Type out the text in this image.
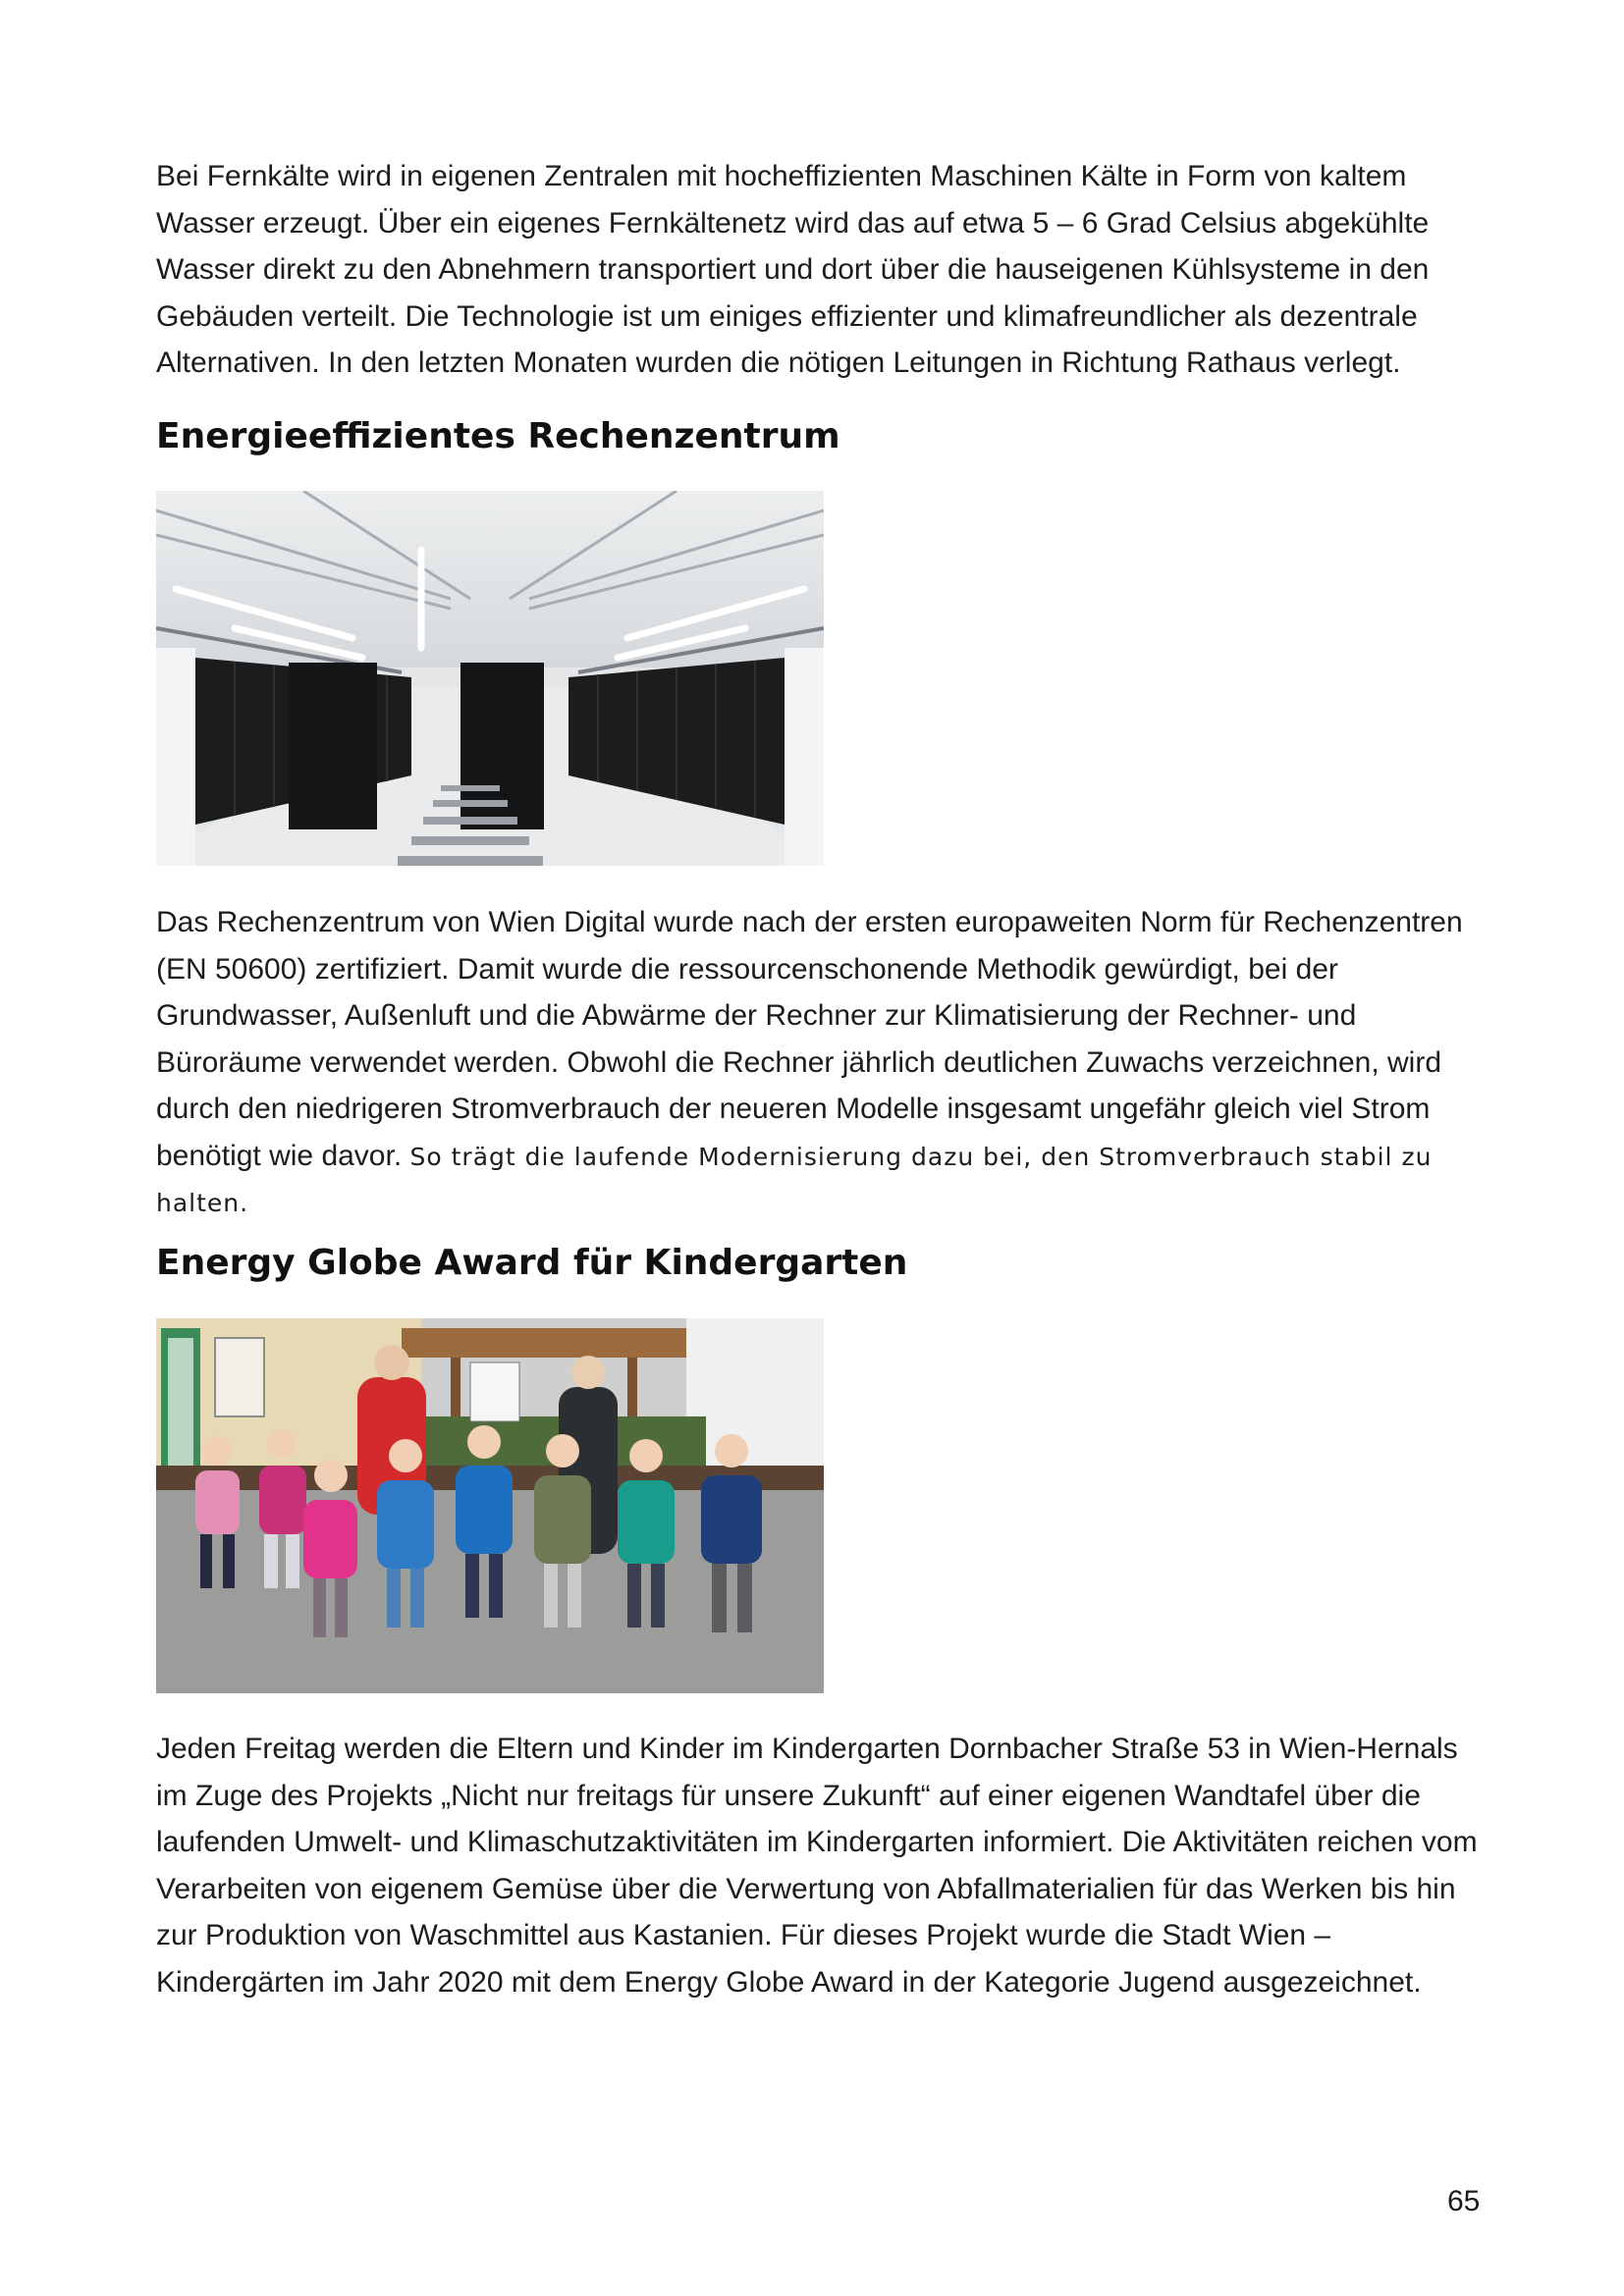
Bei Fernkälte wird in eigenen Zentralen mit hocheffizienten Maschinen Kälte in Form von kaltem Wasser erzeugt. Über ein eigenes Fernkältenetz wird das auf etwa 5 – 6 Grad Celsius abgekühlte Wasser direkt zu den Abnehmern transportiert und dort über die hauseigenen Kühlsysteme in den Gebäuden verteilt. Die Technologie ist um einiges effizienter und klimafreundlicher als dezentrale Alternativen. In den letzten Monaten wurden die nötigen Leitungen in Richtung Rathaus verlegt.

Energieeffizientes Rechenzentrum

Das Rechenzentrum von Wien Digital wurde nach der ersten europaweiten Norm für Rechenzentren (EN 50600) zertifiziert. Damit wurde die ressourcenschonende Methodik gewürdigt, bei der Grundwasser, Außenluft und die Abwärme der Rechner zur Klimatisierung der Rechner- und Büroräume verwendet werden. Obwohl die Rechner jährlich deutlichen Zuwachs verzeichnen, wird durch den niedrigeren Stromverbrauch der neueren Modelle insgesamt ungefähr gleich viel Strom benötigt wie davor. So trägt die laufende Modernisierung dazu bei, den Stromverbrauch stabil zu halten.

Energy Globe Award für Kindergarten

Jeden Freitag werden die Eltern und Kinder im Kindergarten Dornbacher Straße 53 in Wien-Hernals im Zuge des Projekts „Nicht nur freitags für unsere Zukunft“ auf einer eigenen Wandtafel über die laufenden Umwelt- und Klimaschutzaktivitäten im Kindergarten informiert. Die Aktivitäten reichen vom Verarbeiten von eigenem Gemüse über die Verwertung von Abfallmaterialien für das Werken bis hin zur Produktion von Waschmittel aus Kastanien. Für dieses Projekt wurde die Stadt Wien – Kindergärten im Jahr 2020 mit dem Energy Globe Award in der Kategorie Jugend ausgezeichnet.

65
